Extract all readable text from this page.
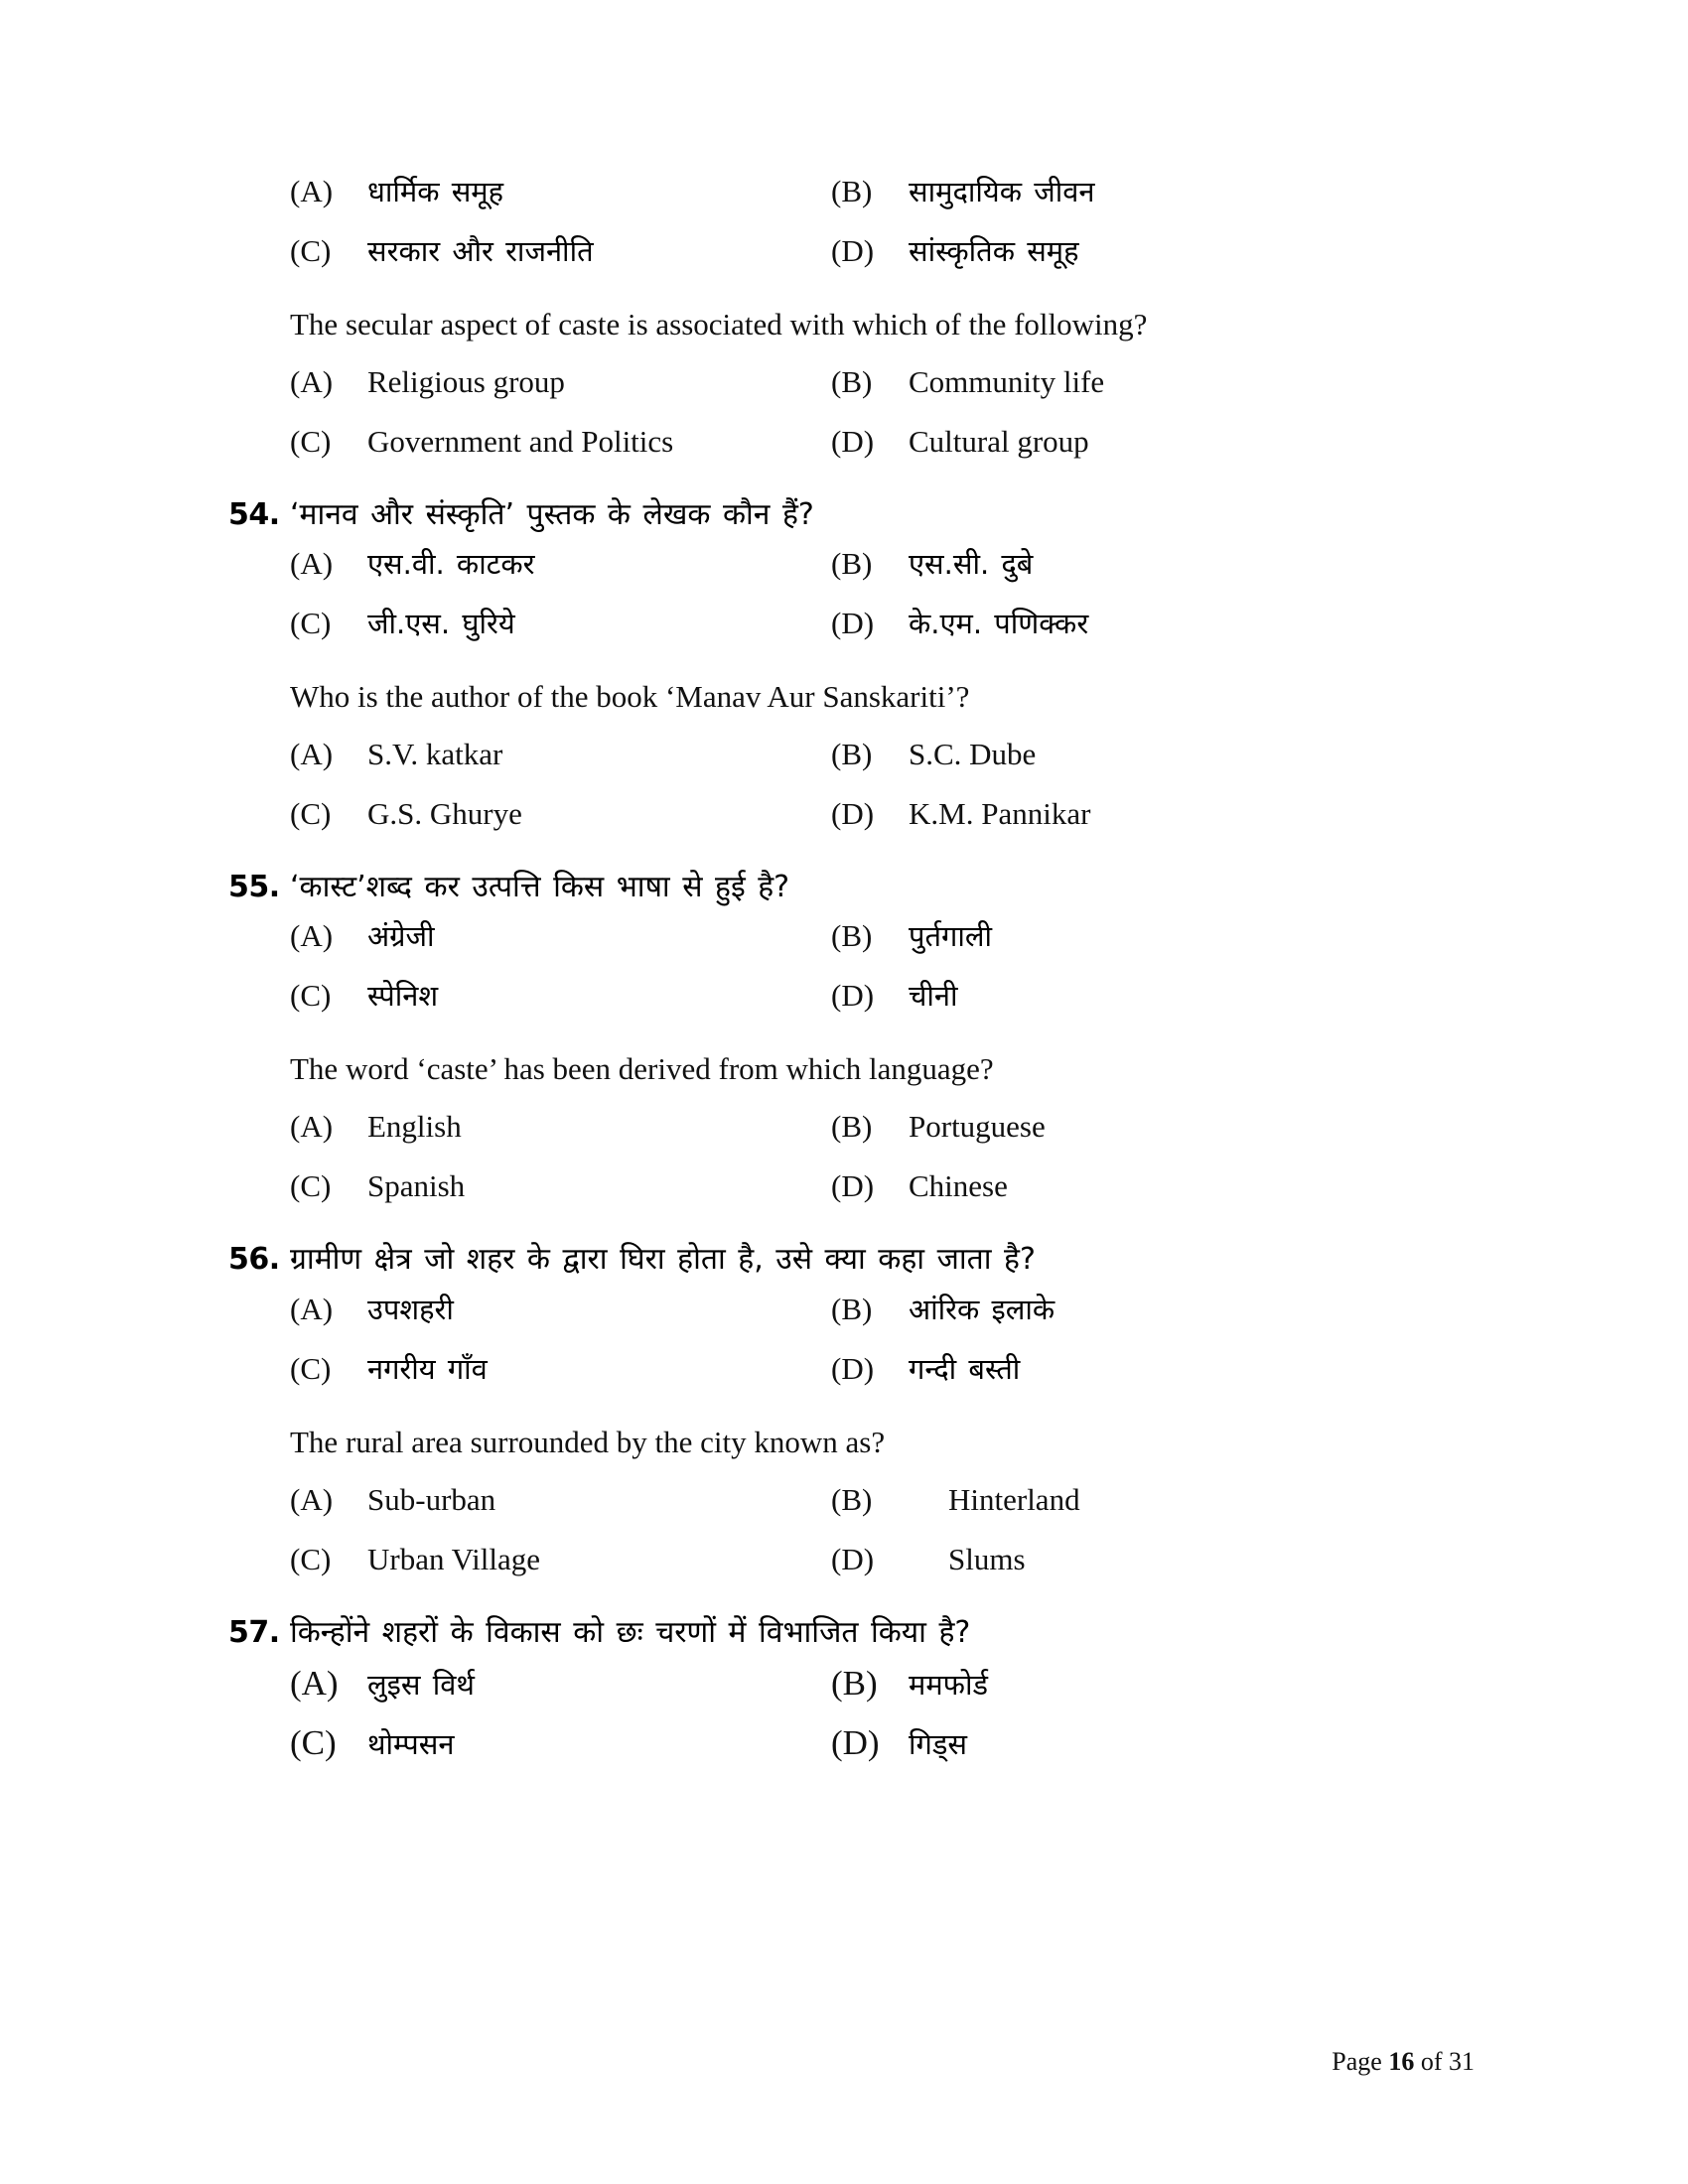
(A)	धार्मिक समूह	(B)	सामुदायिक जीवन
(C)	सरकार और राजनीति	(D)	सांस्कृतिक समूह
The secular aspect of caste is associated with which of the following?
(A)	Religious group	(B)	Community life
(C)	Government and Politics	(D)	Cultural group
54. ‘मानव और संस्कृति’ पुस्तक के लेखक कौन हैं?
(A)	एस.वी. काटकर	(B)	एस.सी. दुबे
(C)	जी.एस. घुरिये	(D)	के.एम. पणिक्कर
Who is the author of the book ‘Manav Aur Sanskariti’?
(A)	S.V. katkar	(B)	S.C. Dube
(C)	G.S. Ghurye	(D)	K.M. Pannikar
55. ‘कास्ट’शब्द कर उत्पत्ति किस भाषा से हुई है?
(A)	अंग्रेजी	(B)	पुर्तगाली
(C)	स्पेनिश	(D)	चीनी
The word ‘caste’ has been derived from which language?
(A)	English	(B)	Portuguese
(C)	Spanish	(D)	Chinese
56. ग्रामीण क्षेत्र जो शहर के द्वारा घिरा होता है, उसे क्या कहा जाता है?
(A)	उपशहरी	(B)	आंरिक इलाके
(C)	नगरीय गाँव	(D)	गन्दी बस्ती
The rural area surrounded by the city known as?
(A)	Sub-urban	(B)	Hinterland
(C)	Urban Village	(D)	Slums
57. किन्होंने शहरों के विकास को छः चरणों में विभाजित किया है?
(A)	लुइस विर्थ	(B)	ममफोर्ड
(C)	थोम्पसन	(D)	गिड्स
Page 16 of 31
